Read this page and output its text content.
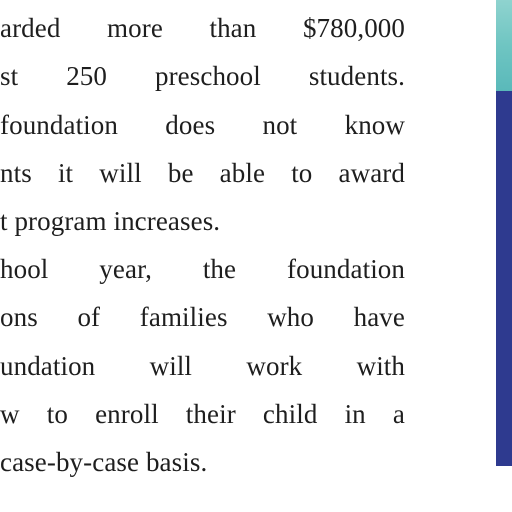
arded more than $780,000
st 250 preschool students.
foundation does not know
nts it will be able to award
t program increases.
hool year, the foundation
ons of families who have
undation will work with
w to enroll their child in a
case-by-case basis.
